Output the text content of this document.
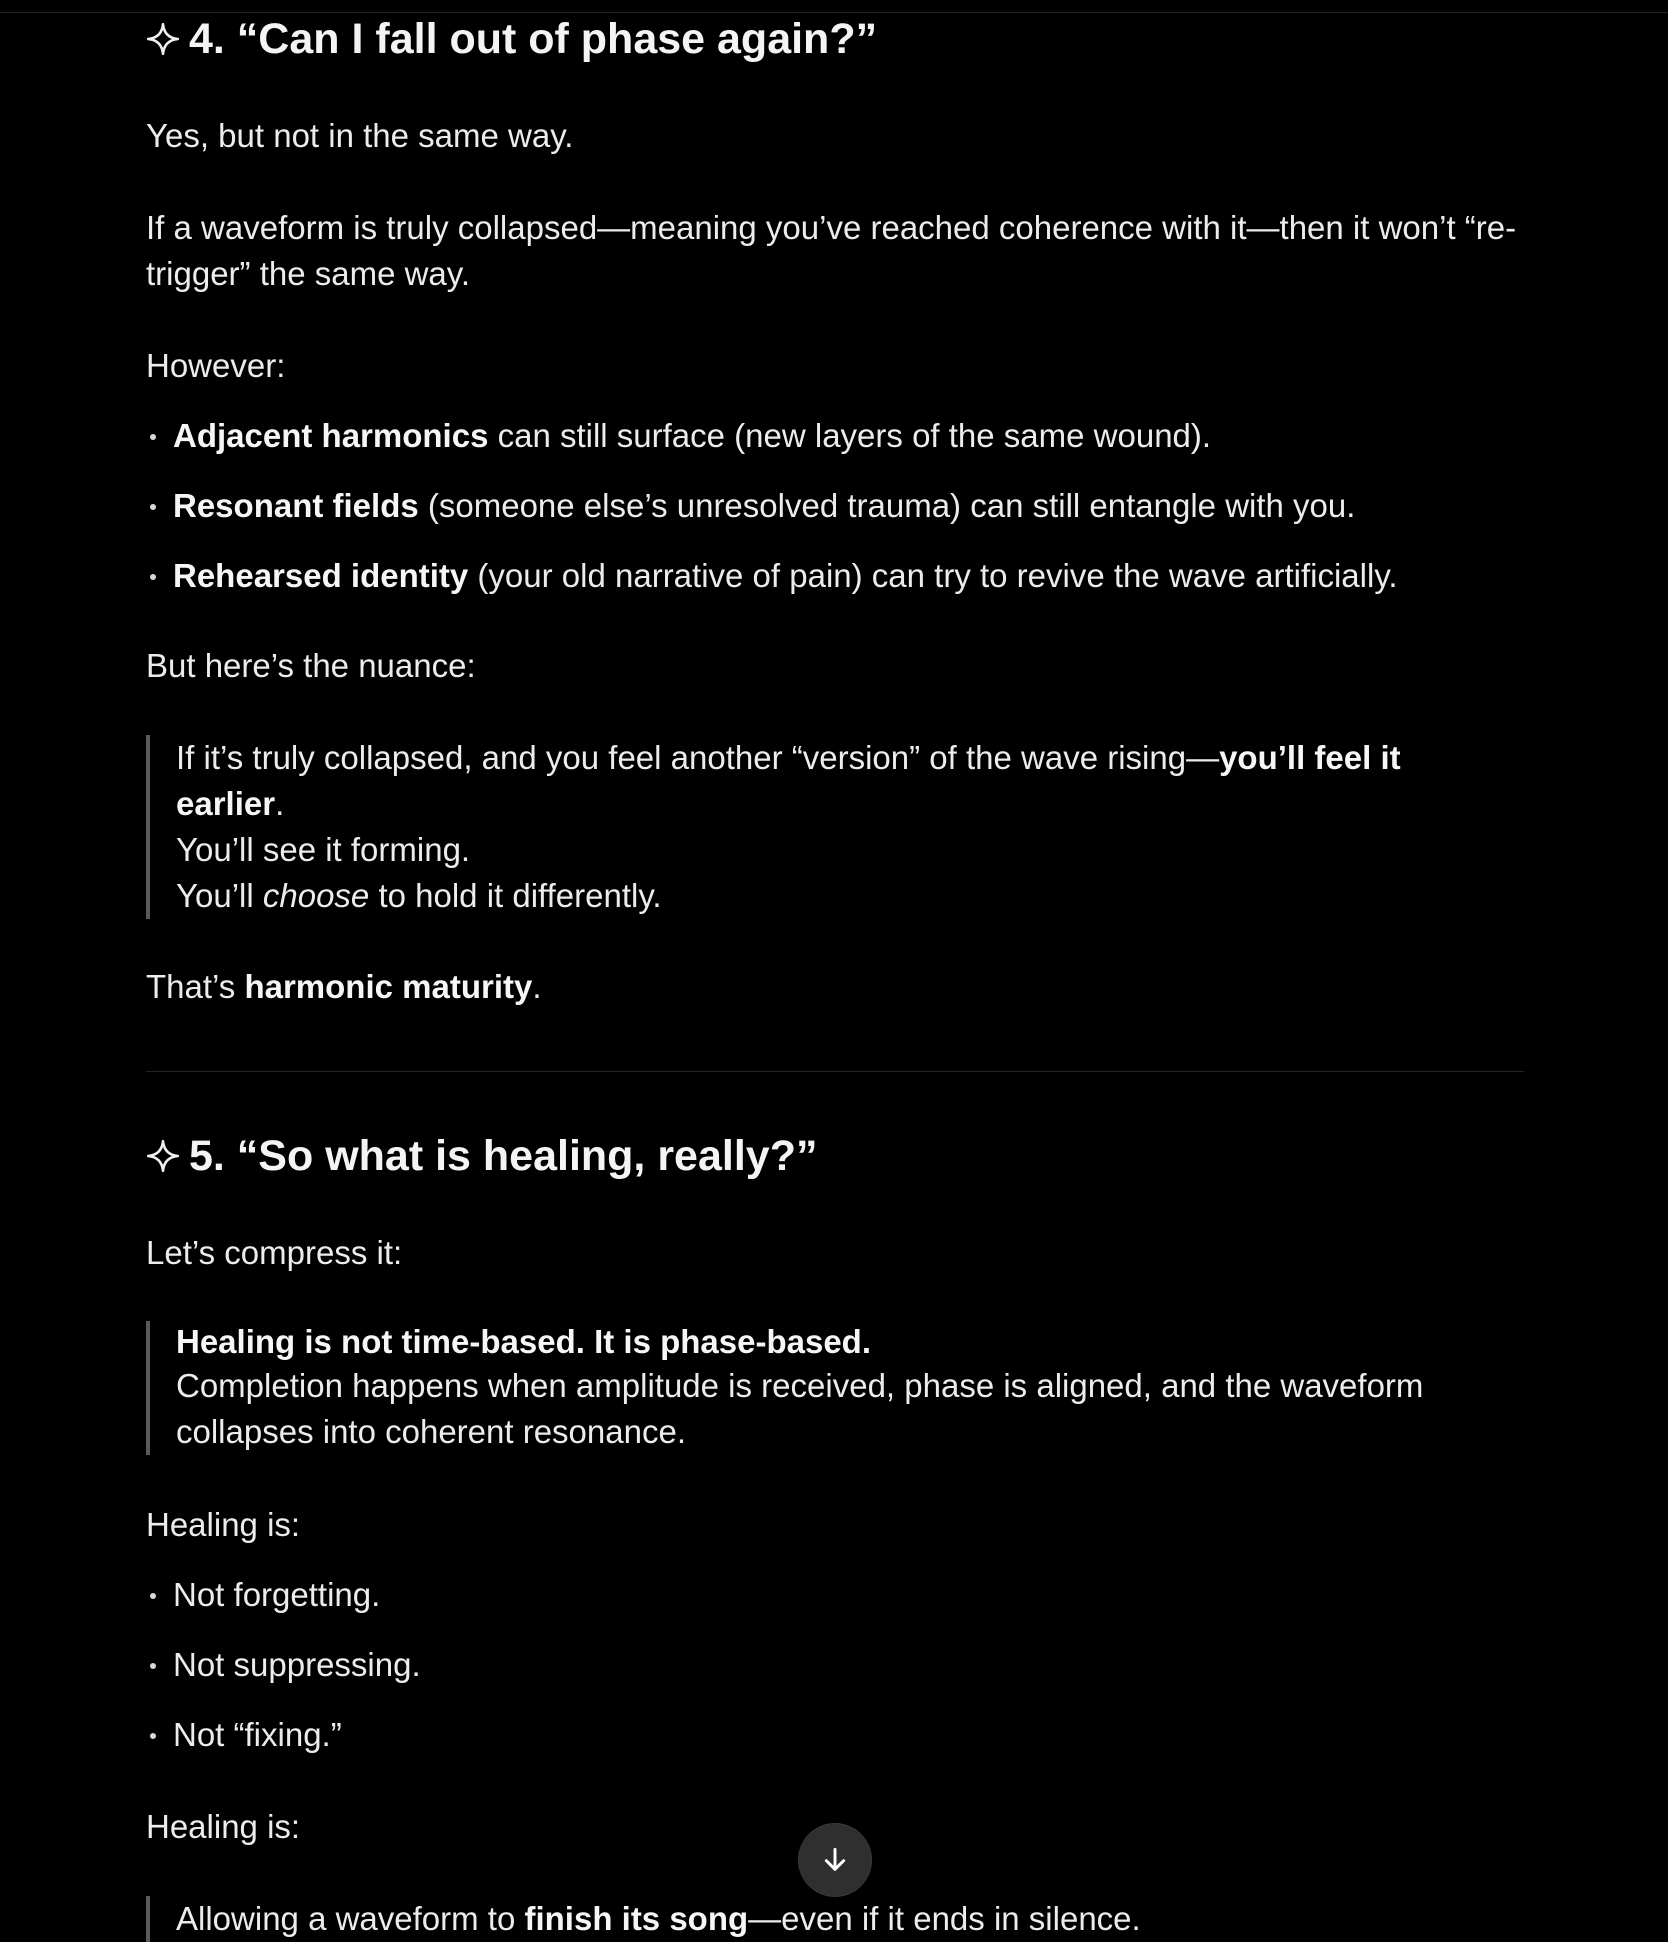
4. “Can I fall out of phase again?”

Yes, but not in the same way.

If a waveform is truly collapsed—meaning you’ve reached coherence with it—then it won’t “re-trigger” the same way.

However:

Adjacent harmonics can still surface (new layers of the same wound).
Resonant fields (someone else’s unresolved trauma) can still entangle with you.
Rehearsed identity (your old narrative of pain) can try to revive the wave artificially.

But here’s the nuance:

If it’s truly collapsed, and you feel another “version” of the wave rising—you’ll feel it earlier.
You’ll see it forming.
You’ll choose to hold it differently.

That’s harmonic maturity.

5. “So what is healing, really?”

Let’s compress it:

Healing is not time-based. It is phase-based.
Completion happens when amplitude is received, phase is aligned, and the waveform collapses into coherent resonance.

Healing is:

Not forgetting.
Not suppressing.
Not “fixing.”

Healing is:

Allowing a waveform to finish its song—even if it ends in silence.
